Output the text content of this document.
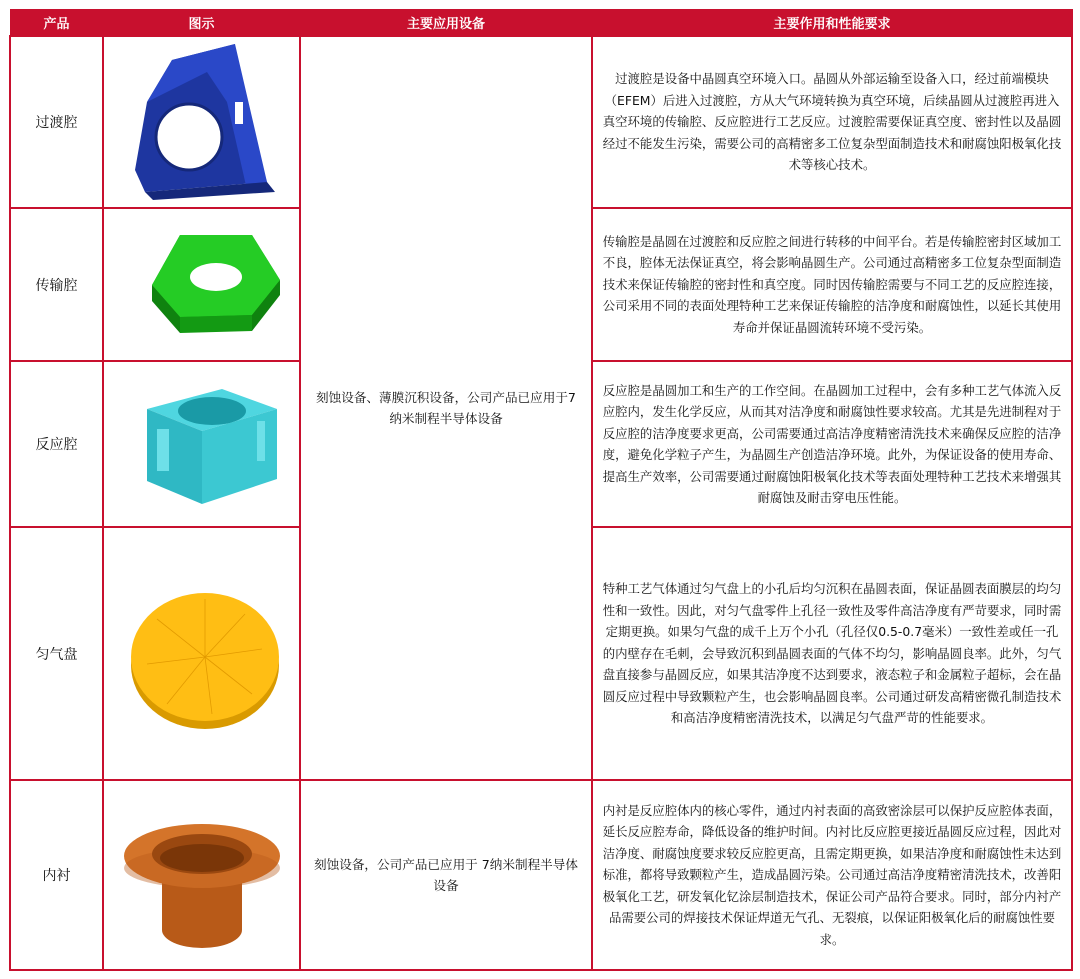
产品	图示	主要应用设备	主要作用和性能要求
过渡腔		刻蚀设备、薄膜沉积设备，公司产品已应用于7纳米制程半导体设备	过渡腔是设备中晶圆真空环境入口。晶圆从外部运输至设备入口，经过前端模块（EFEM）后进入过渡腔，方从大气环境转换为真空环境，后续晶圆从过渡腔再进入真空环境的传输腔、反应腔进行工艺反应。过渡腔需要保证真空度、密封性以及晶圆经过不能发生污染，需要公司的高精密多工位复杂型面制造技术和耐腐蚀阳极氧化技术等核心技术。
传输腔			传输腔是晶圆在过渡腔和反应腔之间进行转移的中间平台。若是传输腔密封区域加工不良，腔体无法保证真空，将会影响晶圆生产。公司通过高精密多工位复杂型面制造技术来保证传输腔的密封性和真空度。同时因传输腔需要与不同工艺的反应腔连接，公司采用不同的表面处理特种工艺来保证传输腔的洁净度和耐腐蚀性，以延长其使用寿命并保证晶圆流转环境不受污染。
反应腔			反应腔是晶圆加工和生产的工作空间。在晶圆加工过程中，会有多种工艺气体流入反应腔内，发生化学反应，从而其对洁净度和耐腐蚀性要求较高。尤其是先进制程对于反应腔的洁净度要求更高，公司需要通过高洁净度精密清洗技术来确保反应腔的洁净度，避免化学粒子产生，为晶圆生产创造洁净环境。此外，为保证设备的使用寿命、提高生产效率，公司需要通过耐腐蚀阳极氧化技术等表面处理特种工艺技术来增强其耐腐蚀及耐击穿电压性能。
匀气盘			特种工艺气体通过匀气盘上的小孔后均匀沉积在晶圆表面，保证晶圆表面膜层的均匀性和一致性。因此，对匀气盘零件上孔径一致性及零件高洁净度有严苛要求，同时需定期更换。如果匀气盘的成千上万个小孔（孔径仅0.5-0.7毫米）一致性差或任一孔的内壁存在毛刺，会导致沉积到晶圆表面的气体不均匀，影响晶圆良率。此外，匀气盘直接参与晶圆反应，如果其洁净度不达到要求，液态粒子和金属粒子超标，会在晶圆反应过程中导致颗粒产生，也会影响晶圆良率。公司通过研发高精密微孔制造技术和高洁净度精密清洗技术，以满足匀气盘严苛的性能要求。
内衬		刻蚀设备，公司产品已应用于 7纳米制程半导体设备	内衬是反应腔体内的核心零件，通过内衬表面的高致密涂层可以保护反应腔体表面，延长反应腔寿命，降低设备的维护时间。内衬比反应腔更接近晶圆反应过程，因此对洁净度、耐腐蚀度要求较反应腔更高，且需定期更换，如果洁净度和耐腐蚀性未达到标准，都将导致颗粒产生，造成晶圆污染。公司通过高洁净度精密清洗技术，改善阳极氧化工艺，研发氧化钇涂层制造技术，保证公司产品符合要求。同时，部分内衬产品需要公司的焊接技术保证焊道无气孔、无裂痕，以保证阳极氧化后的耐腐蚀性要求。
